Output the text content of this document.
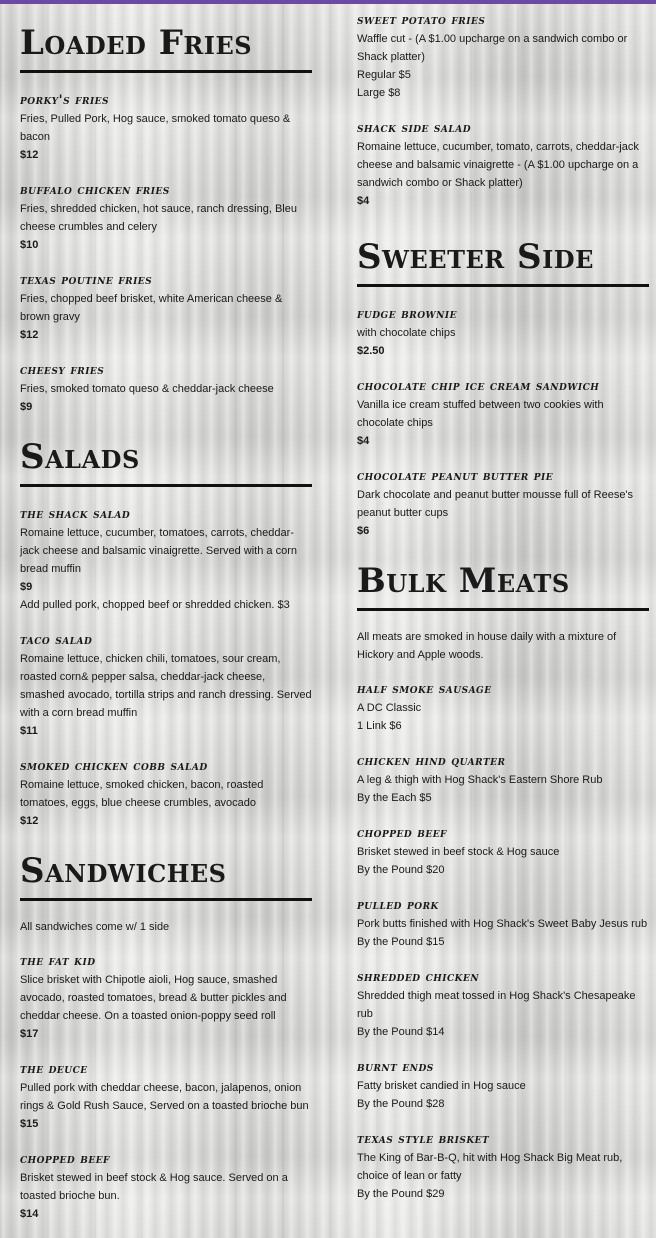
Loaded Fries
porky's fries
Fries, Pulled Pork, Hog sauce, smoked tomato queso & bacon
$12
buffalo chicken fries
Fries, shredded chicken, hot sauce, ranch dressing, Bleu cheese crumbles and celery
$10
texas poutine fries
Fries, chopped beef brisket, white American cheese & brown gravy
$12
cheesy fries
Fries, smoked tomato queso & cheddar-jack cheese
$9
Salads
the shack salad
Romaine lettuce, cucumber, tomatoes, carrots, cheddar-jack cheese and balsamic vinaigrette. Served with a corn bread muffin
$9
Add pulled pork, chopped beef or shredded chicken. $3
taco salad
Romaine lettuce, chicken chili, tomatoes, sour cream, roasted corn& pepper salsa, cheddar-jack cheese, smashed avocado, tortilla strips and ranch dressing. Served with a corn bread muffin
$11
smoked chicken cobb salad
Romaine lettuce, smoked chicken, bacon, roasted tomatoes, eggs, blue cheese crumbles, avocado
$12
Sandwiches
All sandwiches come w/ 1 side
the fat kid
Slice brisket with Chipotle aioli, Hog sauce, smashed avocado, roasted tomatoes, bread & butter pickles and cheddar cheese. On a toasted onion-poppy seed roll
$17
the deuce
Pulled pork with cheddar cheese, bacon, jalapenos, onion rings & Gold Rush Sauce, Served on a toasted brioche bun
$15
chopped beef
Brisket stewed in beef stock & Hog sauce. Served on a toasted brioche bun.
$14
sweet potato fries
Waffle cut - (A $1.00 upcharge on a sandwich combo or Shack platter)
Regular $5
Large $8
shack side salad
Romaine lettuce, cucumber, tomato, carrots, cheddar-jack cheese and balsamic vinaigrette - (A $1.00 upcharge on a sandwich combo or Shack platter)
$4
Sweeter Side
fudge brownie
with chocolate chips
$2.50
chocolate chip ice cream sandwich
Vanilla ice cream stuffed between two cookies with chocolate chips
$4
chocolate peanut butter pie
Dark chocolate and peanut butter mousse full of Reese's peanut butter cups
$6
Bulk Meats
All meats are smoked in house daily with a mixture of Hickory and Apple woods.
half smoke sausage
A DC Classic
1 Link $6
chicken hind quarter
A leg & thigh with Hog Shack's Eastern Shore Rub
By the Each $5
chopped beef
Brisket stewed in beef stock & Hog sauce
By the Pound $20
pulled pork
Pork butts finished with Hog Shack's Sweet Baby Jesus rub
By the Pound $15
shredded chicken
Shredded thigh meat tossed in Hog Shack's Chesapeake rub
By the Pound $14
burnt ends
Fatty brisket candied in Hog sauce
By the Pound $28
texas style brisket
The King of Bar-B-Q, hit with Hog Shack Big Meat rub, choice of lean or fatty
By the Pound $29
